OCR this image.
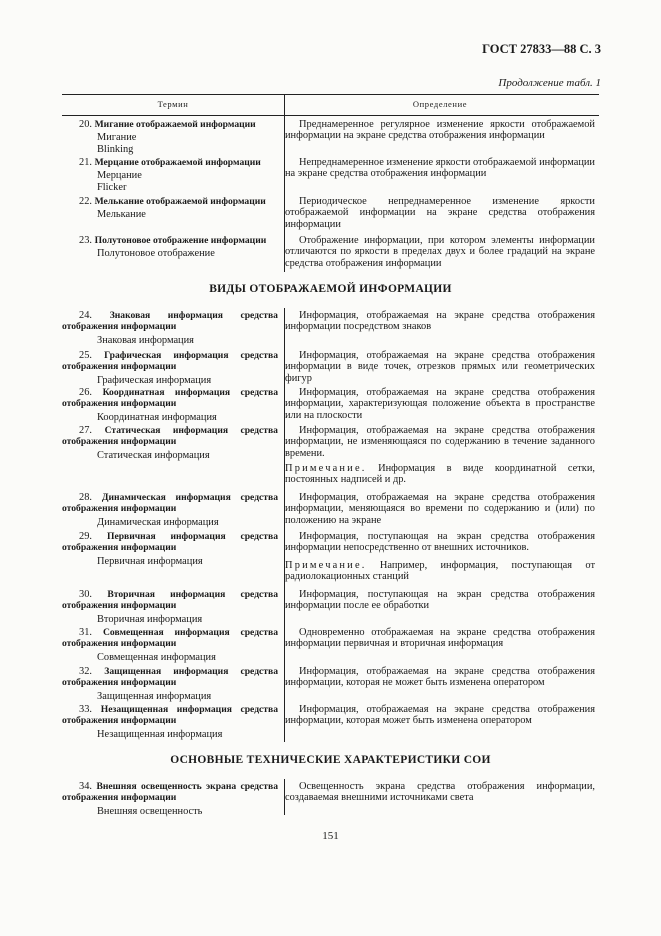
ГОСТ 27833—88 С. 3
Продолжение табл. 1
Термин	Определение
ВИДЫ ОТОБРАЖАЕМОЙ ИНФОРМАЦИИ
ОСНОВНЫЕ ТЕХНИЧЕСКИЕ ХАРАКТЕРИСТИКИ СОИ
20. Мигание отображаемой информации
Мигание
Blinking
Преднамеренное регулярное изменение яркости отображаемой информации на экране средства отображения информации
21. Мерцание отображаемой информации
Мерцание
Flicker
Непреднамеренное изменение яркости отображаемой информации на экране средства отображения информации
22. Мелькание отображаемой информации
Мелькание
Периодическое непреднамеренное изменение яркости отображаемой информации на экране средства отображения информации
23. Полутоновое отображение информации
Полутоновое отображение
Отображение информации, при котором элементы информации отличаются по яркости в пределах двух и более градаций на экране средства отображения информации
24. Знаковая информация средства отображения информации
Знаковая информация
Информация, отображаемая на экране средства отображения информации посредством знаков
25. Графическая информация средства отображения информации
Графическая информация
Информация, отображаемая на экране средства отображения информации в виде точек, отрезков прямых или геометрических фигур
26. Координатная информация средства отображения информации
Координатная информация
Информация, отображаемая на экране средства отображения информации, характеризующая положение объекта в пространстве или на плоскости
27. Статическая информация средства отображения информации
Статическая информация
Информация, отображаемая на экране средства отображения информации, не изменяющаяся по содержанию в течение заданного времени.
Примечание. Информация в виде координатной сетки, постоянных надписей и др.
28. Динамическая информация средства отображения информации
Динамическая информация
Информация, отображаемая на экране средства отображения информации, меняющаяся во времени по содержанию и (или) по положению на экране
29. Первичная информация средства отображения информации
Первичная информация
Информация, поступающая на экран средства отображения информации непосредственно от внешних источников.
Примечание. Например, информация, поступающая от радиолокационных станций
30. Вторичная информация средства отображения информации
Вторичная информация
Информация, поступающая на экран средства отображения информации после ее обработки
31. Совмещенная информация средства отображения информации
Совмещенная информация
Одновременно отображаемая на экране средства отображения информации первичная и вторичная информация
32. Защищенная информация средства отображения информации
Защищенная информация
Информация, отображаемая на экране средства отображения информации, которая не может быть изменена оператором
33. Незащищенная информация средства отображения информации
Незащищенная информация
Информация, отображаемая на экране средства отображения информации, которая может быть изменена оператором
34. Внешняя освещенность экрана средства отображения информации
Внешняя освещенность
Освещенность экрана средства отображения информации, создаваемая внешними источниками света
151
